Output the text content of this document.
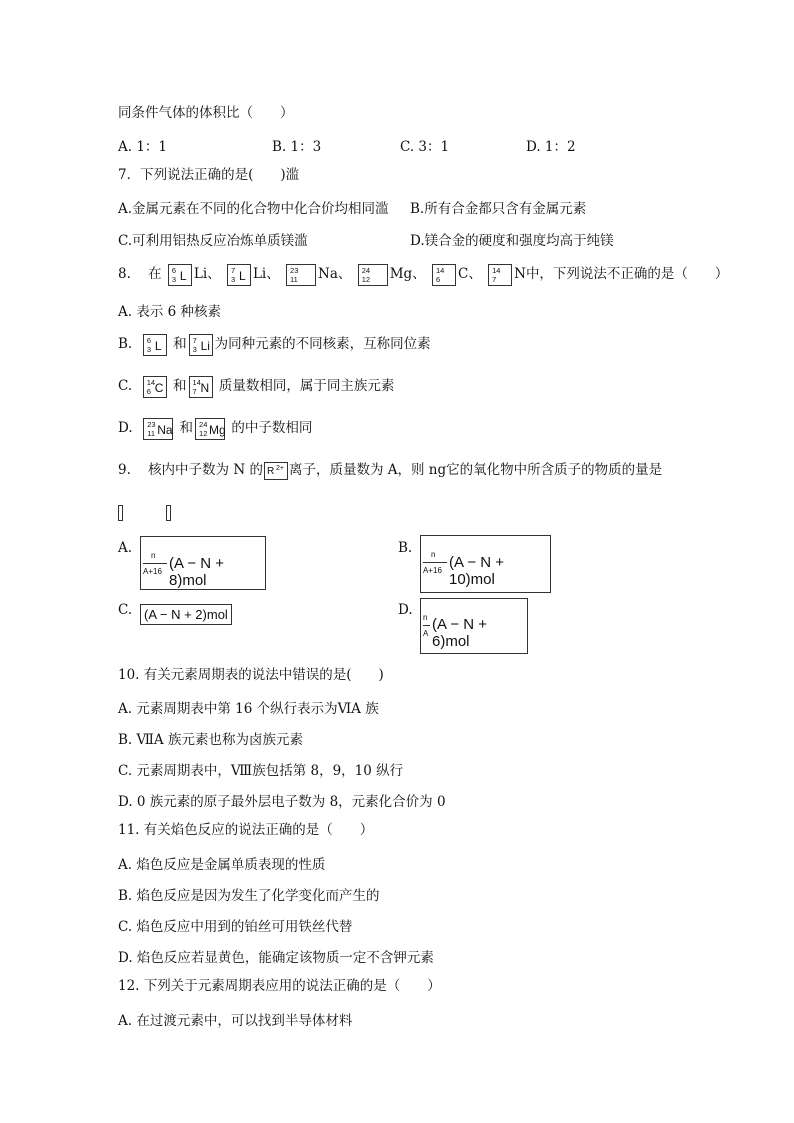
同条件气体的体积比（　　）
A. 1：1	B. 1：3	C. 3：1	D. 1：2
7．下列说法正确的是(　　)滥
A.金属元素在不同的化合物中化合价均相同滥 B.所有合金都只含有金属元素
C.可利用铝热反应冶炼单质镁滥	D.镁合金的硬度和强度均高于纯镁
8. 在 6
3 L Li、 7
3 L Li、 23
11 Na、 24
12 Mg、 14
6 C、 14
7 N中，下列说法不正确的是（　　）
A. 表示 6 种核素
B. 6
3 L 和 7
3 Li 为同种元素的不同核素，互称同位素
C. 14
6 C 和 14
7 N 质量数相同，属于同主族元素
D. 23
11 Na 和 24
12 Mg 的中子数相同
9. 核内中子数为 N 的 R 2+ 离子，质量数为 A，则 ng它的氧化物中所含质子的物质的量是

A. n
A+16 (A − N + 8)mol
B. n
A+16 (A − N + 10)mol
C. (A − N + 2)mol	D. n
A
(A − N + 6)mol
10. 有关元素周期表的说法中错误的是(　　)
A. 元素周期表中第 16 个纵行表示为ⅥA 族
B. ⅦA 族元素也称为卤族元素
C. 元素周期表中，Ⅷ族包括第 8，9，10 纵行
D. 0 族元素的原子最外层电子数为 8，元素化合价为 0
11. 有关焰色反应的说法正确的是（　　）
A. 焰色反应是金属单质表现的性质
B. 焰色反应是因为发生了化学变化而产生的
C. 焰色反应中用到的铂丝可用铁丝代替
D. 焰色反应若显黄色，能确定该物质一定不含钾元素
12. 下列关于元素周期表应用的说法正确的是（　　）
A. 在过渡元素中，可以找到半导体材料
